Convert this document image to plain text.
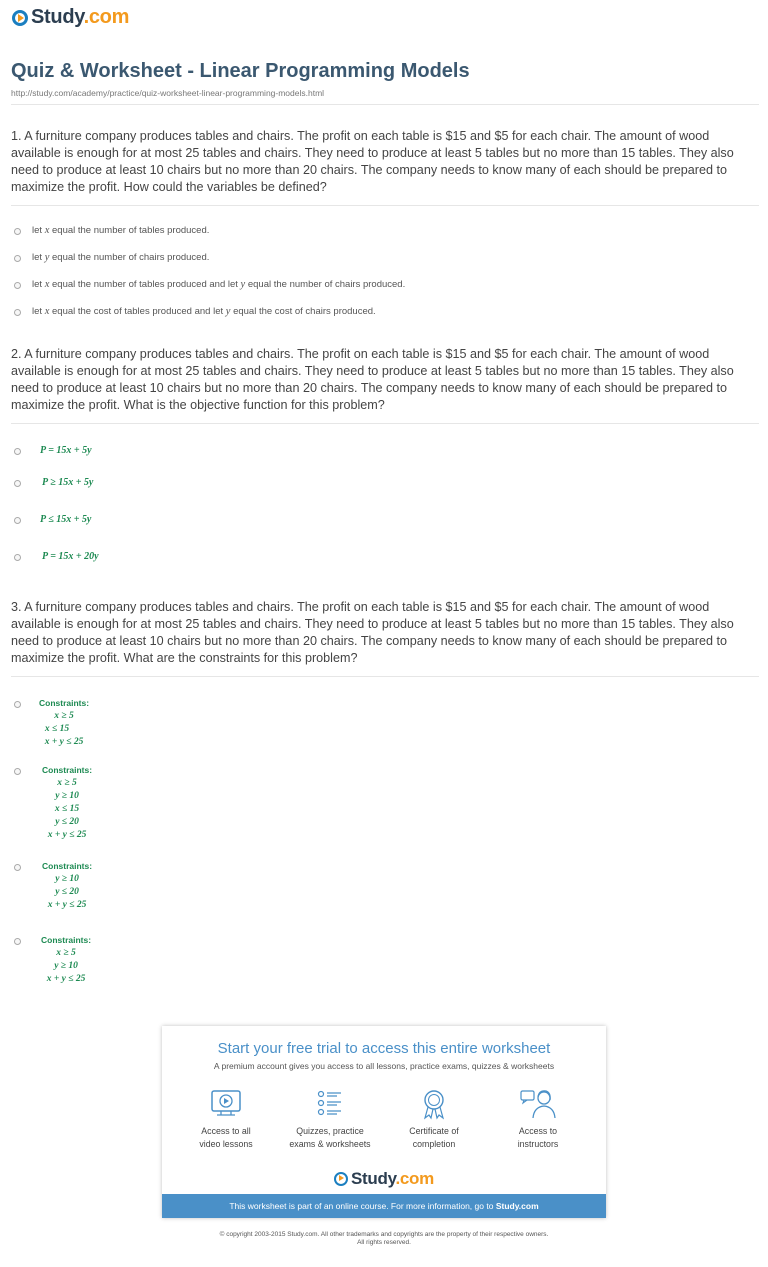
Study.com
Quiz & Worksheet - Linear Programming Models
http://study.com/academy/practice/quiz-worksheet-linear-programming-models.html
1. A furniture company produces tables and chairs. The profit on each table is $15 and $5 for each chair. The amount of wood available is enough for at most 25 tables and chairs. They need to produce at least 5 tables but no more than 15 tables. They also need to produce at least 10 chairs but no more than 20 chairs. The company needs to know many of each should be prepared to maximize the profit. How could the variables be defined?
let x equal the number of tables produced.
let y equal the number of chairs produced.
let x equal the number of tables produced and let y equal the number of chairs produced.
let x equal the cost of tables produced and let y equal the cost of chairs produced.
2. A furniture company produces tables and chairs. The profit on each table is $15 and $5 for each chair. The amount of wood available is enough for at most 25 tables and chairs. They need to produce at least 5 tables but no more than 15 tables. They also need to produce at least 10 chairs but no more than 20 chairs. The company needs to know many of each should be prepared to maximize the profit. What is the objective function for this problem?
P = 15x + 5y
P ≥ 15x + 5y
P ≤ 15x + 5y
P = 15x + 20y
3. A furniture company produces tables and chairs. The profit on each table is $15 and $5 for each chair. The amount of wood available is enough for at most 25 tables and chairs. They need to produce at least 5 tables but no more than 15 tables. They also need to produce at least 10 chairs but no more than 20 chairs. The company needs to know many of each should be prepared to maximize the profit. What are the constraints for this problem?
Constraints:
x ≥ 5
x ≤ 15
x + y ≤ 25
Constraints:
x ≥ 5
y ≥ 10
x ≤ 15
y ≤ 20
x + y ≤ 25
Constraints:
y ≥ 10
y ≤ 20
x + y ≤ 25
Constraints:
x ≥ 5
y ≥ 10
x + y ≤ 25
Start your free trial to access this entire worksheet
A premium account gives you access to all lessons, practice exams, quizzes & worksheets
Access to all
video lessons
Quizzes, practice
exams & worksheets
Certificate of
completion
Access to
instructors
Study.com
This worksheet is part of an online course. For more information, go to Study.com
© copyright 2003-2015 Study.com. All other trademarks and copyrights are the property of their respective owners.
All rights reserved.
